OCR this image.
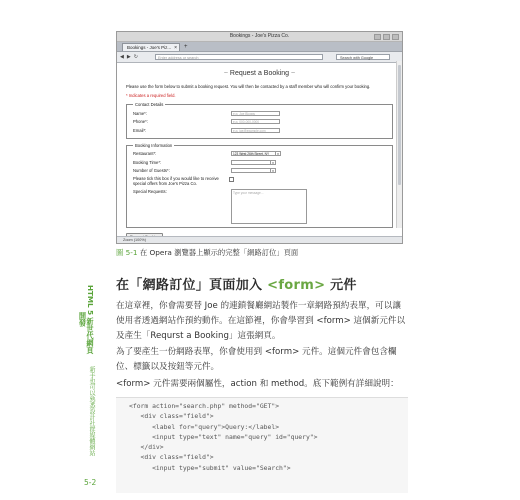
HTML 5 新世代網頁開發
新手也可以熟悉設計社群媒體網站
5-2
Bookings - Joe's Pizza Co.
Bookings - Joe's Piz... × +
◀ ▶ ↻	Enter address or search	Search with Google
~ Request a Booking ~
Please use the form below to submit a booking request. You will then be contacted by a staff member who will confirm your booking.
* Indicates a required field.
Contact Details
Name*:	e.g. Joe Bloggs
Phone*:	e.g. 000-000-0000
Email*:	e.g. joe@example.com
Booking Information
Restaurant*:	123 West 26th Street, NY	▾
Booking Time*:	▾
Number of Guests*:	▾
Please tick this box if you would like to receive special offers from Joe's Pizza Co.
Special Requests:	Type your message...
Zoom (100%)
圖 5-1 在 Opera 瀏覽器上顯示的完整「網路訂位」頁面
在「網路訂位」頁面加入 <form> 元件
在這章裡，你會需要替 Joe 的連鎖餐廳網站製作一章網路預約表單，可以讓使用者透過網站作預約動作。在這節裡，你會學習到 <form> 這個新元件以及產生「Requrst a Booking」這張網頁。
為了要產生一份網路表單，你會使用到 <form> 元件。這個元件會包含欄位、標籤以及按鈕等元件。
<form> 元件需要兩個屬性，action 和 method。底下範例有詳細說明：
<form action="search.php" method="GET">
<div class="field">
<label for="query">Query:</label>
<input type="text" name="query" id="query">
</div>
<div class="field">
<input type="submit" value="Search">
